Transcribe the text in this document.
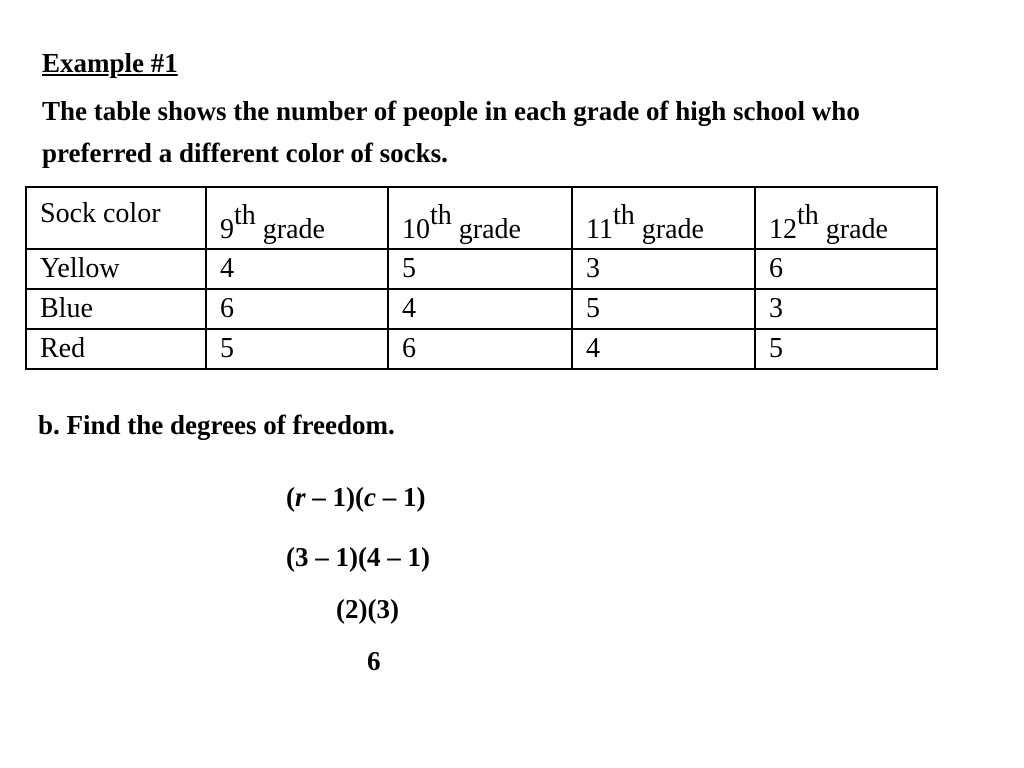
Example #1
The table shows the number of people in each grade of high school who preferred a different color of socks.
Sock color	9th grade	10th grade	11th grade	12th grade
Yellow	4	5	3	6
Blue	6	4	5	3
Red	5	6	4	5
b. Find the degrees of freedom.
(r – 1)(c – 1)
(3 – 1)(4 – 1)
(2)(3)
6
